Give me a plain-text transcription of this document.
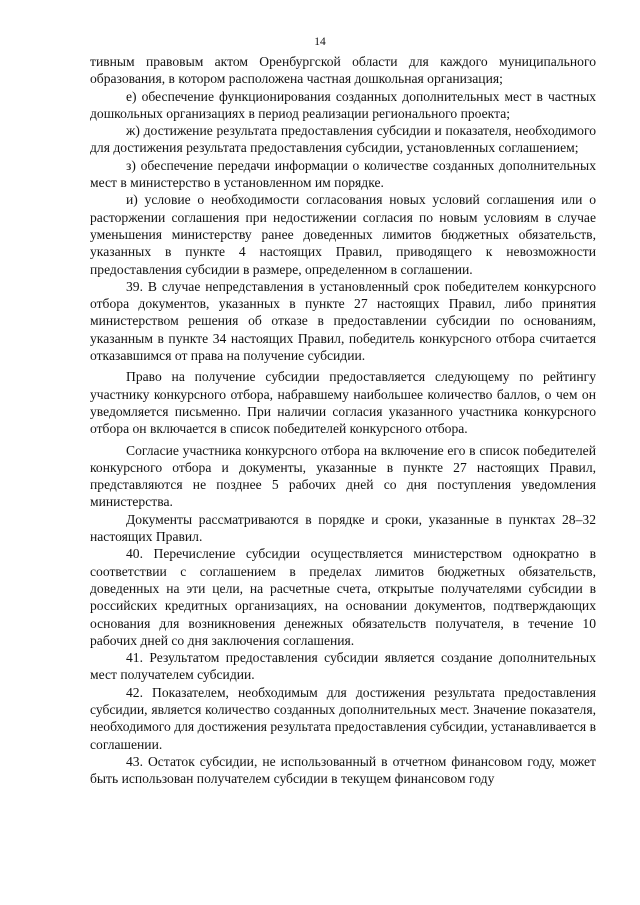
14

тивным правовым актом Оренбургской области для каждого муниципального образования, в котором расположена частная дошкольная организация;

е) обеспечение функционирования созданных дополнительных мест в частных дошкольных организациях в период реализации регионального проекта;

ж) достижение результата предоставления субсидии и показателя, необходимого для достижения результата предоставления субсидии, установленных соглашением;

з) обеспечение передачи информации о количестве созданных дополнительных мест в министерство в установленном им порядке.

и) условие о необходимости согласования новых условий соглашения или о расторжении соглашения при недостижении согласия по новым условиям в случае уменьшения министерству ранее доведенных лимитов бюджетных обязательств, указанных в пункте 4 настоящих Правил, приводящего к невозможности предоставления субсидии в размере, определенном в соглашении.

39. В случае непредставления в установленный срок победителем конкурсного отбора документов, указанных в пункте 27 настоящих Правил, либо принятия министерством решения об отказе в предоставлении субсидии по основаниям, указанным в пункте 34 настоящих Правил, победитель конкурсного отбора считается отказавшимся от права на получение субсидии.

Право на получение субсидии предоставляется следующему по рейтингу участнику конкурсного отбора, набравшему наибольшее количество баллов, о чем он уведомляется письменно. При наличии согласия указанного участника конкурсного отбора он включается в список победителей конкурсного отбора.

Согласие участника конкурсного отбора на включение его в список победителей конкурсного отбора и документы, указанные в пункте 27 настоящих Правил, представляются не позднее 5 рабочих дней со дня поступления уведомления министерства.

Документы рассматриваются в порядке и сроки, указанные в пунктах 28–32 настоящих Правил.

40. Перечисление субсидии осуществляется министерством однократно в соответствии с соглашением в пределах лимитов бюджетных обязательств, доведенных на эти цели, на расчетные счета, открытые получателями субсидии в российских кредитных организациях, на основании документов, подтверждающих основания для возникновения денежных обязательств получателя, в течение 10 рабочих дней со дня заключения соглашения.

41. Результатом предоставления субсидии является создание дополнительных мест получателем субсидии.

42. Показателем, необходимым для достижения результата предоставления субсидии, является количество созданных дополнительных мест. Значение показателя, необходимого для достижения результата предоставления субсидии, устанавливается в соглашении.

43. Остаток субсидии, не использованный в отчетном финансовом году, может быть использован получателем субсидии в текущем финансовом году
